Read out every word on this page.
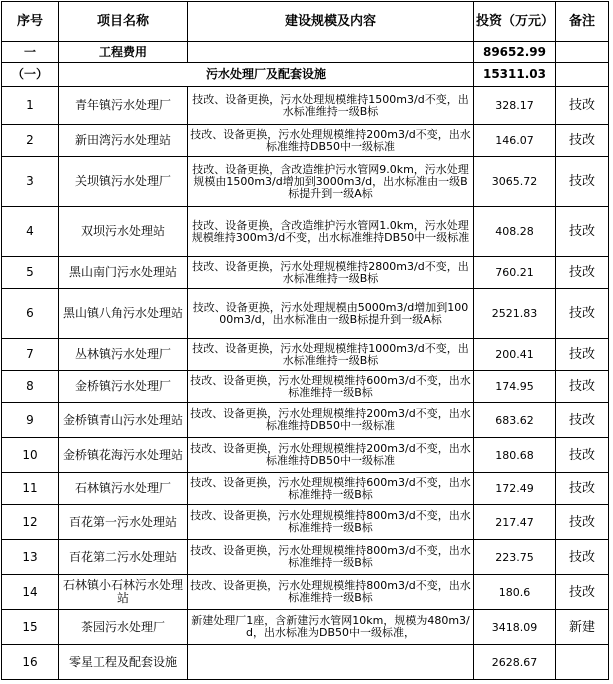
序号	项目名称	建设规模及内容	投资（万元）	备注
一	工程费用		89652.99	
（一）	污水处理厂及配套设施		15311.03	
1	青年镇污水处理厂	技改、设备更换，污水处理规模维持1500m3/d不变，出水标准维持一级B标	328.17	技改
2	新田湾污水处理站	技改、设备更换，污水处理规模维持200m3/d不变，出水标准维持DB50中一级标准	146.07	技改
3	关坝镇污水处理厂	技改、设备更换，含改造维护污水管网9.0km，污水处理规模由1500m3/d增加到3000m3/d，出水标准由一级B标提升到一级A标	3065.72	技改
4	双坝污水处理站	技改、设备更换，含改造维护污水管网1.0km，污水处理规模维持300m3/d不变，出水标准维持DB50中一级标准	408.28	技改
5	黑山南门污水处理站	技改、设备更换，污水处理规模维持2800m3/d不变，出水标准维持一级B标	760.21	技改
6	黑山镇八角污水处理站	技改、设备更换，污水处理规模由5000m3/d增加到10000m3/d，出水标准由一级B标提升到一级A标	2521.83	技改
7	丛林镇污水处理厂	技改、设备更换，污水处理规模维持1000m3/d不变，出水标准维持一级B标	200.41	技改
8	金桥镇污水处理厂	技改、设备更换，污水处理规模维持600m3/d不变，出水标准维持一级B标	174.95	技改
9	金桥镇青山污水处理站	技改、设备更换，污水处理规模维持200m3/d不变，出水标准维持DB50中一级标准	683.62	技改
10	金桥镇花海污水处理站	技改、设备更换，污水处理规模维持200m3/d不变，出水标准维持DB50中一级标准	180.68	技改
11	石林镇污水处理厂	技改、设备更换，污水处理规模维持600m3/d不变，出水标准维持一级B标	172.49	技改
12	百花第一污水处理站	技改、设备更换，污水处理规模维持800m3/d不变，出水标准维持一级B标	217.47	技改
13	百花第二污水处理站	技改、设备更换，污水处理规模维持800m3/d不变，出水标准维持一级B标	223.75	技改
14	石林镇小石林污水处理站	技改、设备更换，污水处理规模维持800m3/d不变，出水标准维持一级B标	180.6	技改
15	茶园污水处理厂	新建处理厂1座，含新建污水管网10km，规模为480m3/d，出水标准为DB50中一级标准，	3418.09	新建
16	零星工程及配套设施		2628.67	
